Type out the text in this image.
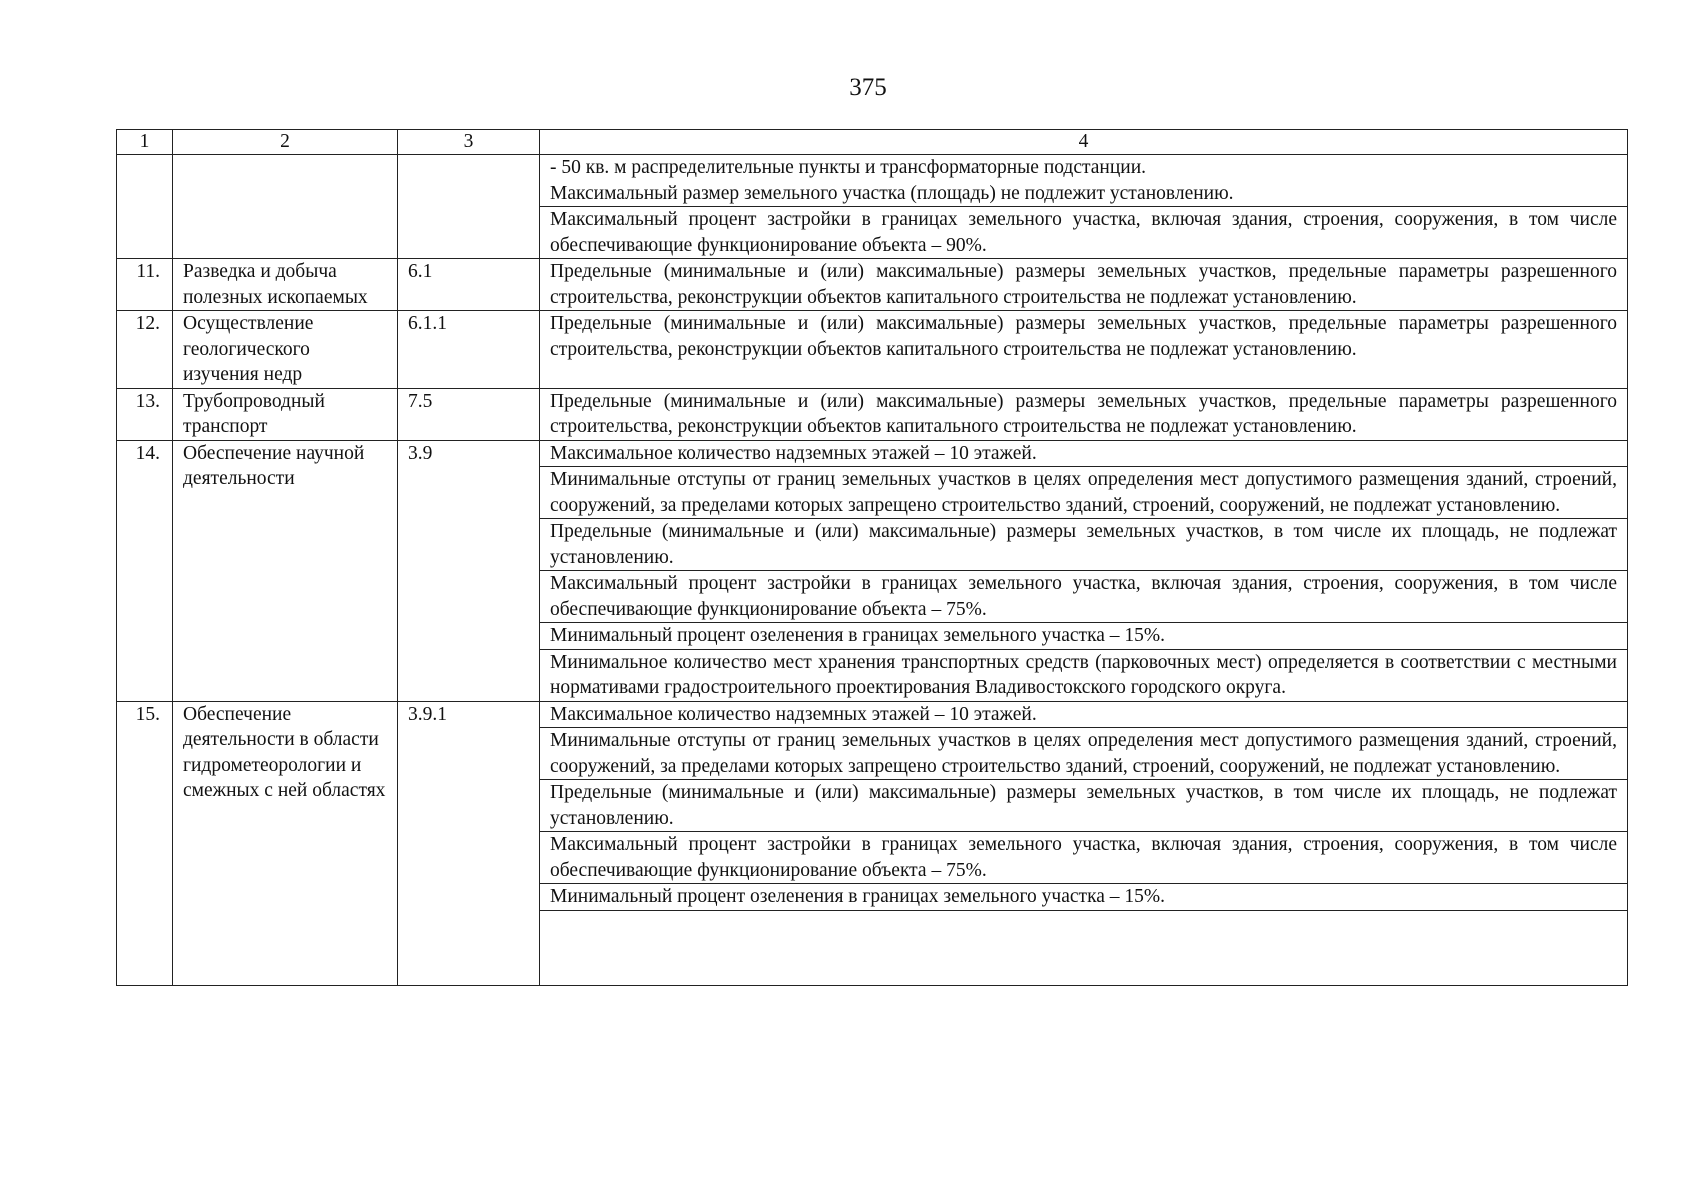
375
1	2	3	4

			- 50 кв. м распределительные пункты и трансформаторные подстанции.
Максимальный размер земельного участка (площадь) не подлежит установлению.

			Максимальный процент застройки в границах земельного участка, включая здания, строения, сооружения, в том числе обеспечивающие функционирование объекта – 90%.
11.	Разведка и добыча полезных ископаемых	6.1	Предельные (минимальные и (или) максимальные) размеры земельных участков, предельные параметры разрешенного строительства, реконструкции объектов капитального строительства не подлежат установлению.
12.	Осуществление геологического изучения недр	6.1.1	Предельные (минимальные и (или) максимальные) размеры земельных участков, предельные параметры разрешенного строительства, реконструкции объектов капитального строительства не подлежат установлению.
13.	Трубопроводный транспорт	7.5	Предельные (минимальные и (или) максимальные) размеры земельных участков, предельные параметры разрешенного строительства, реконструкции объектов капитального строительства не подлежат установлению.
14.	Обеспечение научной деятельности	3.9	Максимальное количество надземных этажей – 10 этажей.
			Минимальные отступы от границ земельных участков в целях определения мест допустимого размещения зданий, строений, сооружений, за пределами которых запрещено строительство зданий, строений, сооружений, не подлежат установлению.
			Предельные (минимальные и (или) максимальные) размеры земельных участков, в том числе их площадь, не подлежат установлению.
			Максимальный процент застройки в границах земельного участка, включая здания, строения, сооружения, в том числе обеспечивающие функционирование объекта – 75%.
			Минимальный процент озеленения в границах земельного участка – 15%.
			Минимальное количество мест хранения транспортных средств (парковочных мест) определяется в соответствии с местными нормативами градостроительного проектирования Владивостокского городского округа.
15.	Обеспечение деятельности в области гидрометеорологии и смежных с ней областях	3.9.1	Максимальное количество надземных этажей – 10 этажей.
			Минимальные отступы от границ земельных участков в целях определения мест допустимого размещения зданий, строений, сооружений, за пределами которых запрещено строительство зданий, строений, сооружений, не подлежат установлению.
			Предельные (минимальные и (или) максимальные) размеры земельных участков, в том числе их площадь, не подлежат установлению.
			Максимальный процент застройки в границах земельного участка, включая здания, строения, сооружения, в том числе обеспечивающие функционирование объекта – 75%.
			Минимальный процент озеленения в границах земельного участка – 15%.
